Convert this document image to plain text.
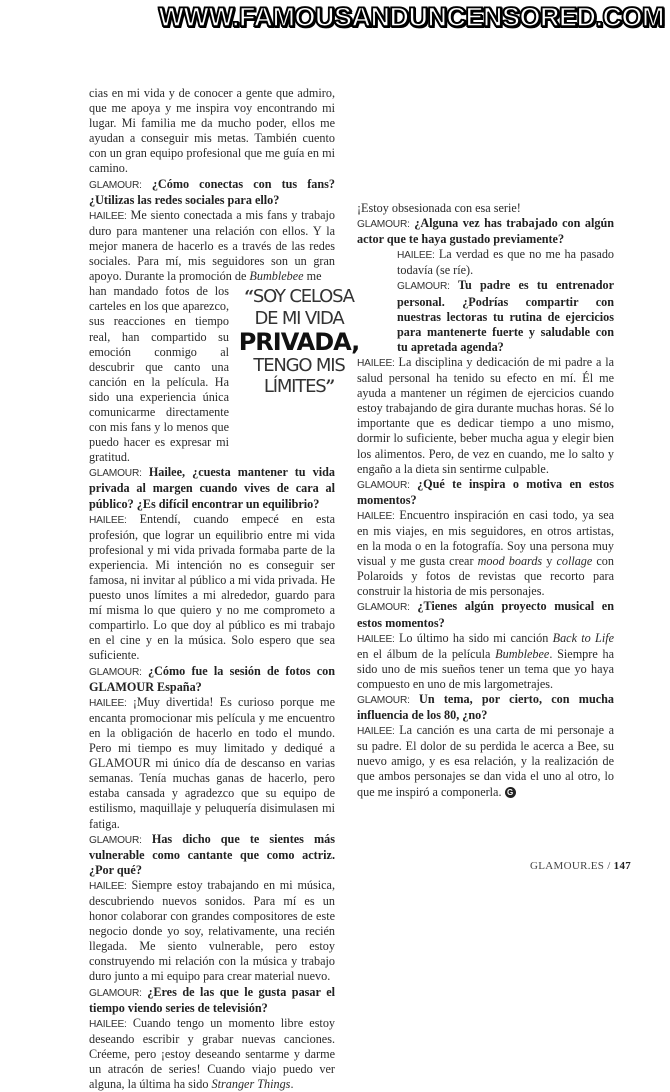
WWW.FAMOUSANDUNCENSORED.COM

cias en mi vida y de conocer a gente que admiro, que me apoya y me inspira voy encontrando mi lugar. Mi familia me da mucho poder, ellos me ayudan a conseguir mis metas. También cuento con un gran equipo profesional que me guía en mi camino.

GLAMOUR: ¿Cómo conectas con tus fans? ¿Utilizas las redes sociales para ello?

HAILEE: Me siento conectada a mis fans y trabajo duro para mantener una relación con ellos. Y la mejor manera de hacerlo es a través de las redes sociales. Para mí, mis seguidores son un gran apoyo. Durante la promoción de Bumblebee me

han mandado fotos de los carteles en los que aparezco, sus reacciones en tiempo real, han compartido su emoción conmigo al descubrir que canto una canción en la película. Ha sido una experiencia única comunicarme directamente con mis fans y lo menos que puedo hacer es expresar mi gratitud.

“SOY CELOSA
DE MI VIDA
PRIVADA,
TENGO MIS
LÍMITES”

GLAMOUR: Hailee, ¿cuesta mantener tu vida privada al margen cuando vives de cara al público? ¿Es difícil encontrar un equilibrio?

HAILEE: Entendí, cuando empecé en esta profesión, que lograr un equilibrio entre mi vida profesional y mi vida privada formaba parte de la experiencia. Mi intención no es conseguir ser famosa, ni invitar al público a mi vida privada. He puesto unos límites a mi alrededor, guardo para mí misma lo que quiero y no me comprometo a compartirlo. Lo que doy al público es mi trabajo en el cine y en la música. Solo espero que sea suficiente.

GLAMOUR: ¿Cómo fue la sesión de fotos con GLAMOUR España?

HAILEE: ¡Muy divertida! Es curioso porque me encanta promocionar mis película y me encuentro en la obligación de hacerlo en todo el mundo. Pero mi tiempo es muy limitado y dediqué a GLAMOUR mi único día de descanso en varias semanas. Tenía muchas ganas de hacerlo, pero estaba cansada y agradezco que su equipo de estilismo, maquillaje y peluquería disimulasen mi fatiga.

GLAMOUR: Has dicho que te sientes más vulnerable como cantante que como actriz. ¿Por qué?

HAILEE: Siempre estoy trabajando en mi música, descubriendo nuevos sonidos. Para mí es un honor colaborar con grandes compositores de este negocio donde yo soy, relativamente, una recién llegada. Me siento vulnerable, pero estoy construyendo mi relación con la música y trabajo duro junto a mi equipo para crear material nuevo.

GLAMOUR: ¿Eres de las que le gusta pasar el tiempo viendo series de televisión?

HAILEE: Cuando tengo un momento libre estoy deseando escribir y grabar nuevas canciones. Créeme, pero ¡estoy deseando sentarme y darme un atracón de series! Cuando viajo puedo ver alguna, la última ha sido Stranger Things.

¡Estoy obsesionada con esa serie!

GLAMOUR: ¿Alguna vez has trabajado con algún actor que te haya gustado previamente?

HAILEE: La verdad es que no me ha pasado todavía (se ríe).

GLAMOUR: Tu padre es tu entrenador personal. ¿Podrías compartir con nuestras lectoras tu rutina de ejercicios para mantenerte fuerte y saludable con tu apretada agenda?

HAILEE: La disciplina y dedicación de mi padre a la salud personal ha tenido su efecto en mí. Él me ayuda a mantener un régimen de ejercicios cuando estoy trabajando de gira durante muchas horas. Sé lo importante que es dedicar tiempo a uno mismo, dormir lo suficiente, beber mucha agua y elegir bien los alimentos. Pero, de vez en cuando, me lo salto y engaño a la dieta sin sentirme culpable.

GLAMOUR: ¿Qué te inspira o motiva en estos momentos?

HAILEE: Encuentro inspiración en casi todo, ya sea en mis viajes, en mis seguidores, en otros artistas, en la moda o en la fotografía. Soy una persona muy visual y me gusta crear mood boards y collage con Polaroids y fotos de revistas que recorto para construir la historia de mis personajes.

GLAMOUR: ¿Tienes algún proyecto musical en estos momentos?

HAILEE: Lo último ha sido mi canción Back to Life en el álbum de la película Bumblebee. Siempre ha sido uno de mis sueños tener un tema que yo haya compuesto en uno de mis largometrajes.

GLAMOUR: Un tema, por cierto, con mucha influencia de los 80, ¿no?

HAILEE: La canción es una carta de mi personaje a su padre. El dolor de su perdida le acerca a Bee, su nuevo amigo, y es esa relación, y la realización de que ambos personajes se dan vida el uno al otro, lo que me inspiró a componerla. G

GLAMOUR.ES / 147
